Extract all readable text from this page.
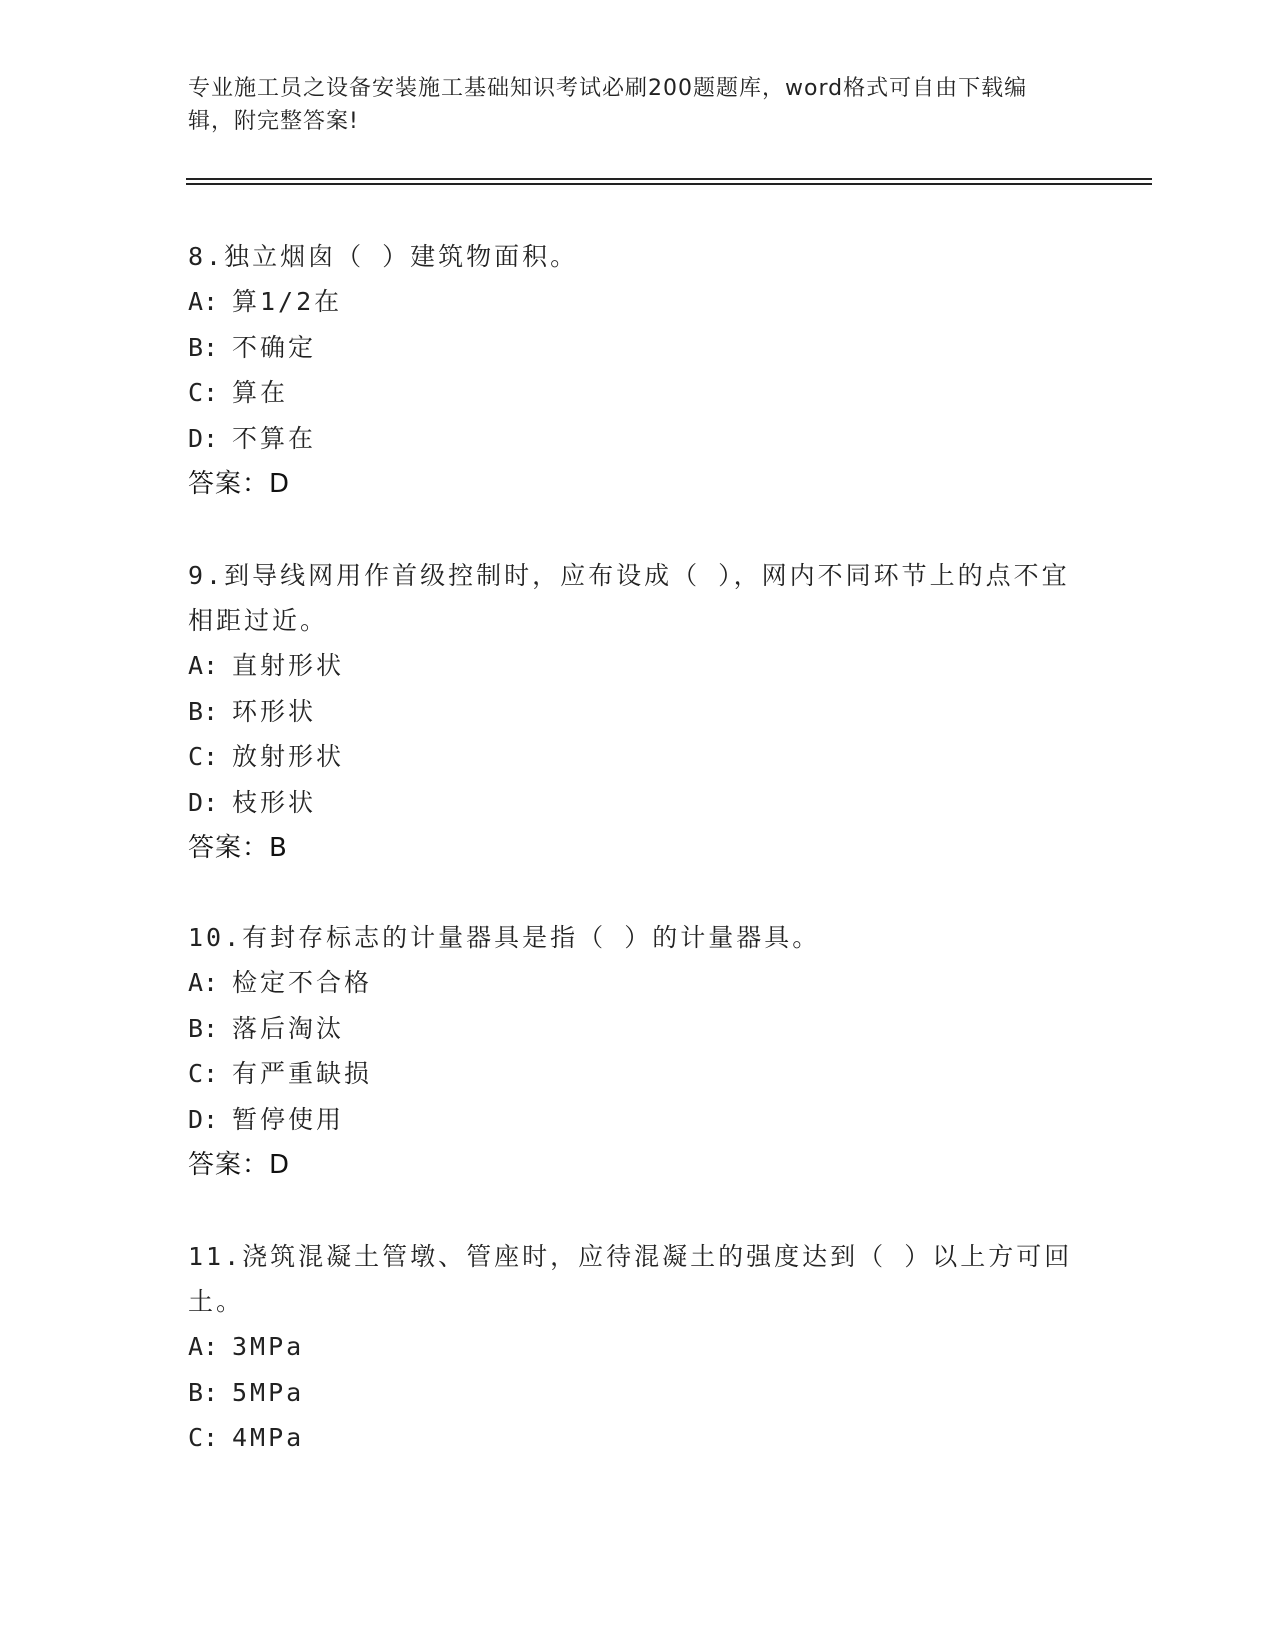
专业施工员之设备安装施工基础知识考试必刷200题题库，word格式可自由下载编辑，附完整答案!

8.独立烟囱（ ）建筑物面积。

A: 算1/2在

B: 不确定

C: 算在

D: 不算在

答案：D

9.到导线网用作首级控制时，应布设成（ ），网内不同环节上的点不宜相距过近。

A: 直射形状

B: 环形状

C: 放射形状

D: 枝形状

答案：B

10.有封存标志的计量器具是指（ ）的计量器具。

A: 检定不合格

B: 落后淘汰

C: 有严重缺损

D: 暂停使用

答案：D

11.浇筑混凝土管墩、管座时，应待混凝土的强度达到（ ）以上方可回土。

A: 3MPa

B: 5MPa

C: 4MPa
